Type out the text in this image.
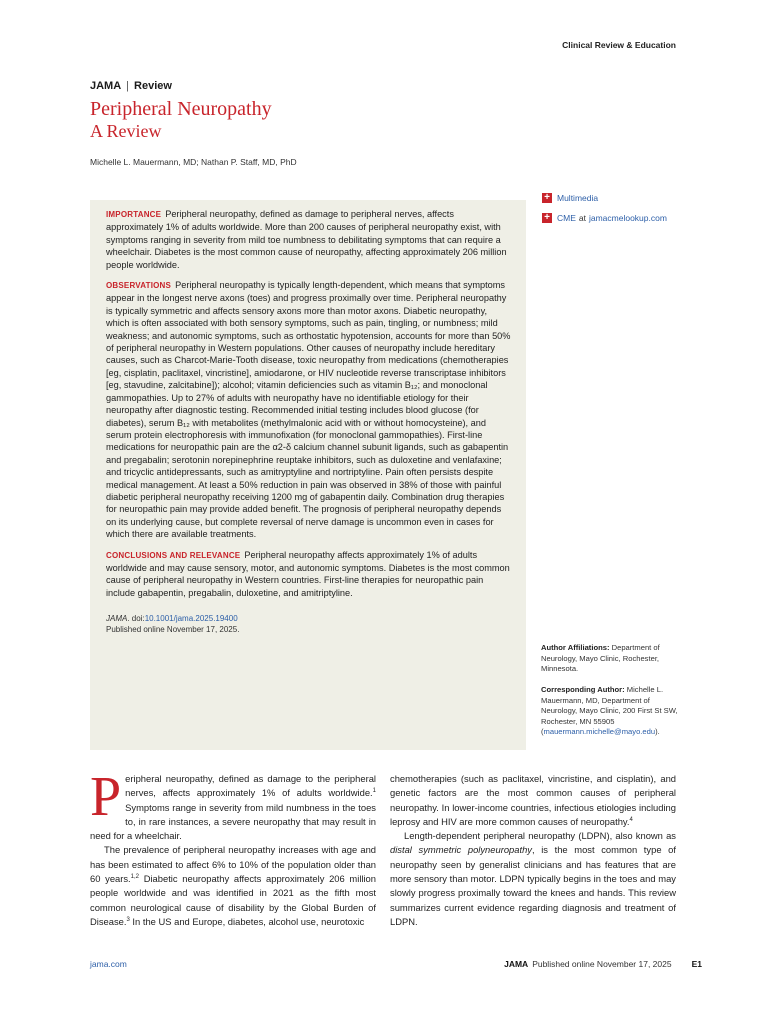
Clinical Review & Education
JAMA | Review
Peripheral Neuropathy
A Review
Michelle L. Mauermann, MD; Nathan P. Staff, MD, PhD

IMPORTANCE Peripheral neuropathy, defined as damage to peripheral nerves, affects approximately 1% of adults worldwide. More than 200 causes of peripheral neuropathy exist, with symptoms ranging in severity from mild toe numbness to debilitating symptoms that can require a wheelchair. Diabetes is the most common cause of neuropathy, affecting approximately 206 million people worldwide.

OBSERVATIONS Peripheral neuropathy is typically length-dependent, which means that symptoms appear in the longest nerve axons (toes) and progress proximally over time. Peripheral neuropathy is typically symmetric and affects sensory axons more than motor axons. Diabetic neuropathy, which is often associated with both sensory symptoms, such as pain, tingling, or numbness; mild weakness; and autonomic symptoms, such as orthostatic hypotension, accounts for more than 50% of peripheral neuropathy in Western populations. Other causes of neuropathy include hereditary causes, such as Charcot-Marie-Tooth disease, toxic neuropathy from medications (chemotherapies [eg, cisplatin, paclitaxel, vincristine], amiodarone, or HIV nucleotide reverse transcriptase inhibitors [eg, stavudine, zalcitabine]); alcohol; vitamin deficiencies such as vitamin B₁₂; and monoclonal gammopathies. Up to 27% of adults with neuropathy have no identifiable etiology for their neuropathy after diagnostic testing. Recommended initial testing includes blood glucose (for diabetes), serum B₁₂ with metabolites (methylmalonic acid with or without homocysteine), and serum protein electrophoresis with immunofixation (for monoclonal gammopathies). First-line medications for neuropathic pain are the α2-δ calcium channel subunit ligands, such as gabapentin and pregabalin; serotonin norepinephrine reuptake inhibitors, such as duloxetine and venlafaxine; and tricyclic antidepressants, such as amitryptyline and nortriptyline. Pain often persists despite medical management. At least a 50% reduction in pain was observed in 38% of those with painful diabetic peripheral neuropathy receiving 1200 mg of gabapentin daily. Combination drug therapies for neuropathic pain may provide added benefit. The prognosis of peripheral neuropathy depends on its underlying cause, but complete reversal of nerve damage is uncommon even in cases for which there are available treatments.

CONCLUSIONS AND RELEVANCE Peripheral neuropathy affects approximately 1% of adults worldwide and may cause sensory, motor, and autonomic symptoms. Diabetes is the most common cause of peripheral neuropathy in Western countries. First-line therapies for neuropathic pain include gabapentin, pregabalin, duloxetine, and amitriptyline.

JAMA. doi:10.1001/jama.2025.19400
Published online November 17, 2025.

+ Multimedia
+ CME at jamacmelookup.com
Author Affiliations: Department of Neurology, Mayo Clinic, Rochester, Minnesota.
Corresponding Author: Michelle L. Mauermann, MD, Department of Neurology, Mayo Clinic, 200 First St SW, Rochester, MN 55905 (mauermann.michelle@mayo.edu).

Peripheral neuropathy, defined as damage to the peripheral nerves, affects approximately 1% of adults worldwide.$^1$ Symptoms range in severity from mild numbness in the toes to, in rare instances, a severe neuropathy that may result in need for a wheelchair.

The prevalence of peripheral neuropathy increases with age and has been estimated to affect 6% to 10% of the population older than 60 years.$^{1,2}$ Diabetic neuropathy affects approximately 206 million people worldwide and was identified in 2021 as the fifth most common neurological cause of disability by the Global Burden of Disease.$^3$ In the US and Europe, diabetes, alcohol use, neurotoxic

chemotherapies (such as paclitaxel, vincristine, and cisplatin), and genetic factors are the most common causes of peripheral neuropathy. In lower-income countries, infectious etiologies including leprosy and HIV are more common causes of neuropathy.$^4$

Length-dependent peripheral neuropathy (LDPN), also known as distal symmetric polyneuropathy, is the most common type of neuropathy seen by generalist clinicians and has features that are more sensory than motor. LDPN typically begins in the toes and may slowly progress proximally toward the knees and hands. This review summarizes current evidence regarding diagnosis and treatment of LDPN.

jama.com	JAMA Published online November 17, 2025 E1
